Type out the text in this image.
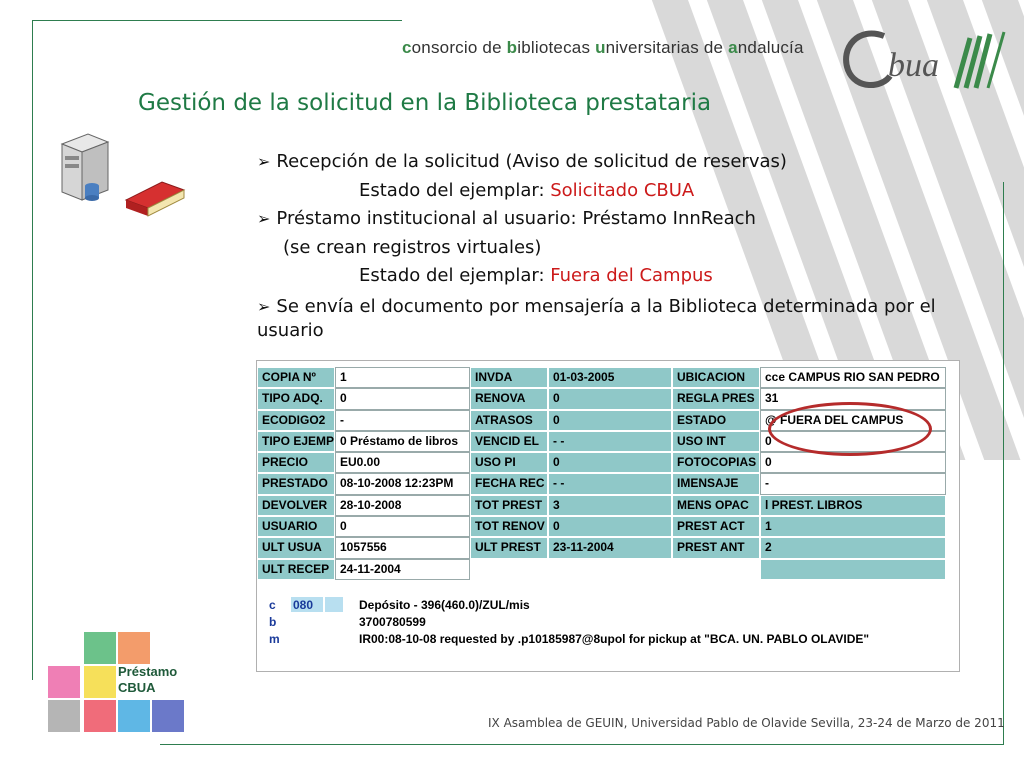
consorcio de bibliotecas universitarias de andalucía bua
Gestión de la solicitud en la Biblioteca prestataria
➢ Recepción de la solicitud (Aviso de solicitud de reservas)
Estado del ejemplar: Solicitado CBUA
➢ Préstamo institucional al usuario: Préstamo InnReach
(se crean registros virtuales)
Estado del ejemplar: Fuera del Campus
➢ Se envía el documento por mensajería a la Biblioteca determinada por el usuario
COPIA Nº	1	INVDA	01-03-2005	UBICACION	cce CAMPUS RIO SAN PEDRO
TIPO ADQ.	0	RENOVA	0	REGLA PRES 31
ECODIGO2	-	ATRASOS	0	ESTADO	@ FUERA DEL CAMPUS
TIPO EJEMP 0 Préstamo de libros	VENCID EL	- -	USO INT	0
PRECIO	EU0.00	USO PI	0	FOTOCOPIAS 0
PRESTADO	08-10-2008 12:23PM	FECHA REC - -	IMENSAJE	-
DEVOLVER	28-10-2008	TOT PREST 3	MENS OPAC	l PREST. LIBROS
USUARIO	0	TOT RENOV 0	PREST ACT	1
ULT USUA	1057556	ULT PREST	23-11-2004	PREST ANT	2
ULT RECEP 24-11-2004
c 080	Depósito - 396(460.0)/ZUL/mis
b	3700780599
m	IR00:08-10-08 requested by .p10185987@8upol for pickup at "BCA. UN. PABLO OLAVIDE"
Préstamo
CBUA
IX Asamblea de GEUIN, Universidad Pablo de Olavide Sevilla, 23-24 de Marzo de 2011
